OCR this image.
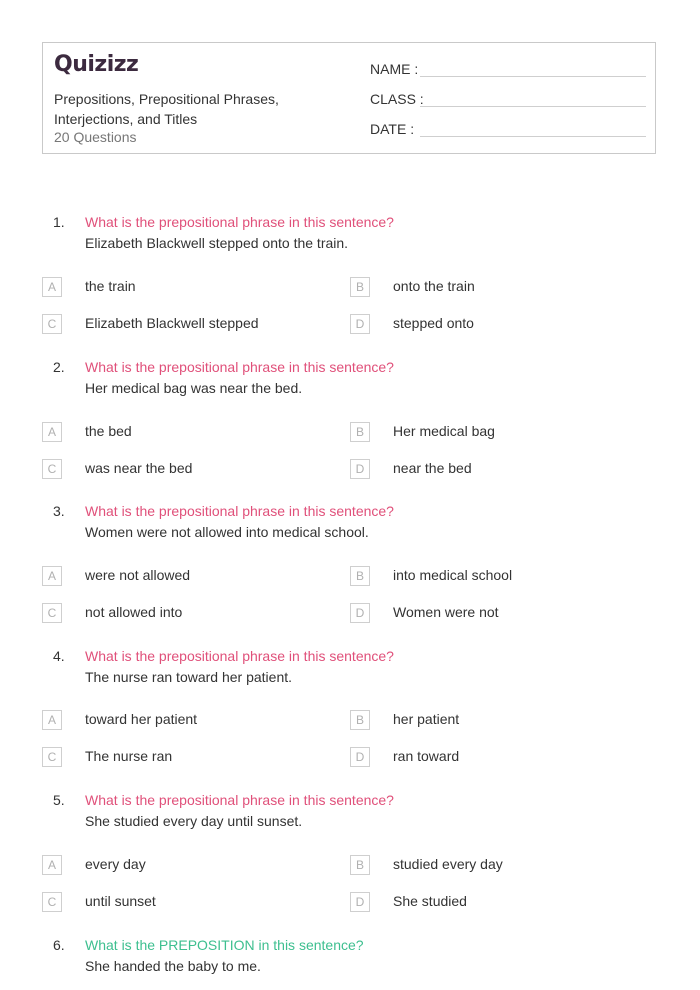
Quizizz
Prepositions, Prepositional Phrases, Interjections, and Titles
20 Questions
NAME :
CLASS :
DATE :
1. What is the prepositional phrase in this sentence?
Elizabeth Blackwell stepped onto the train.
A	the train	B	onto the train
C	Elizabeth Blackwell stepped	D	stepped onto
2. What is the prepositional phrase in this sentence?
Her medical bag was near the bed.
A	the bed	B	Her medical bag
C	was near the bed	D	near the bed
3. What is the prepositional phrase in this sentence?
Women were not allowed into medical school.
A	were not allowed	B	into medical school
C	not allowed into	D	Women were not
4. What is the prepositional phrase in this sentence?
The nurse ran toward her patient.
A	toward her patient	B	her patient
C	The nurse ran	D	ran toward
5. What is the prepositional phrase in this sentence?
She studied every day until sunset.
A	every day	B	studied every day
C	until sunset	D	She studied
6. What is the PREPOSITION in this sentence?
She handed the baby to me.
